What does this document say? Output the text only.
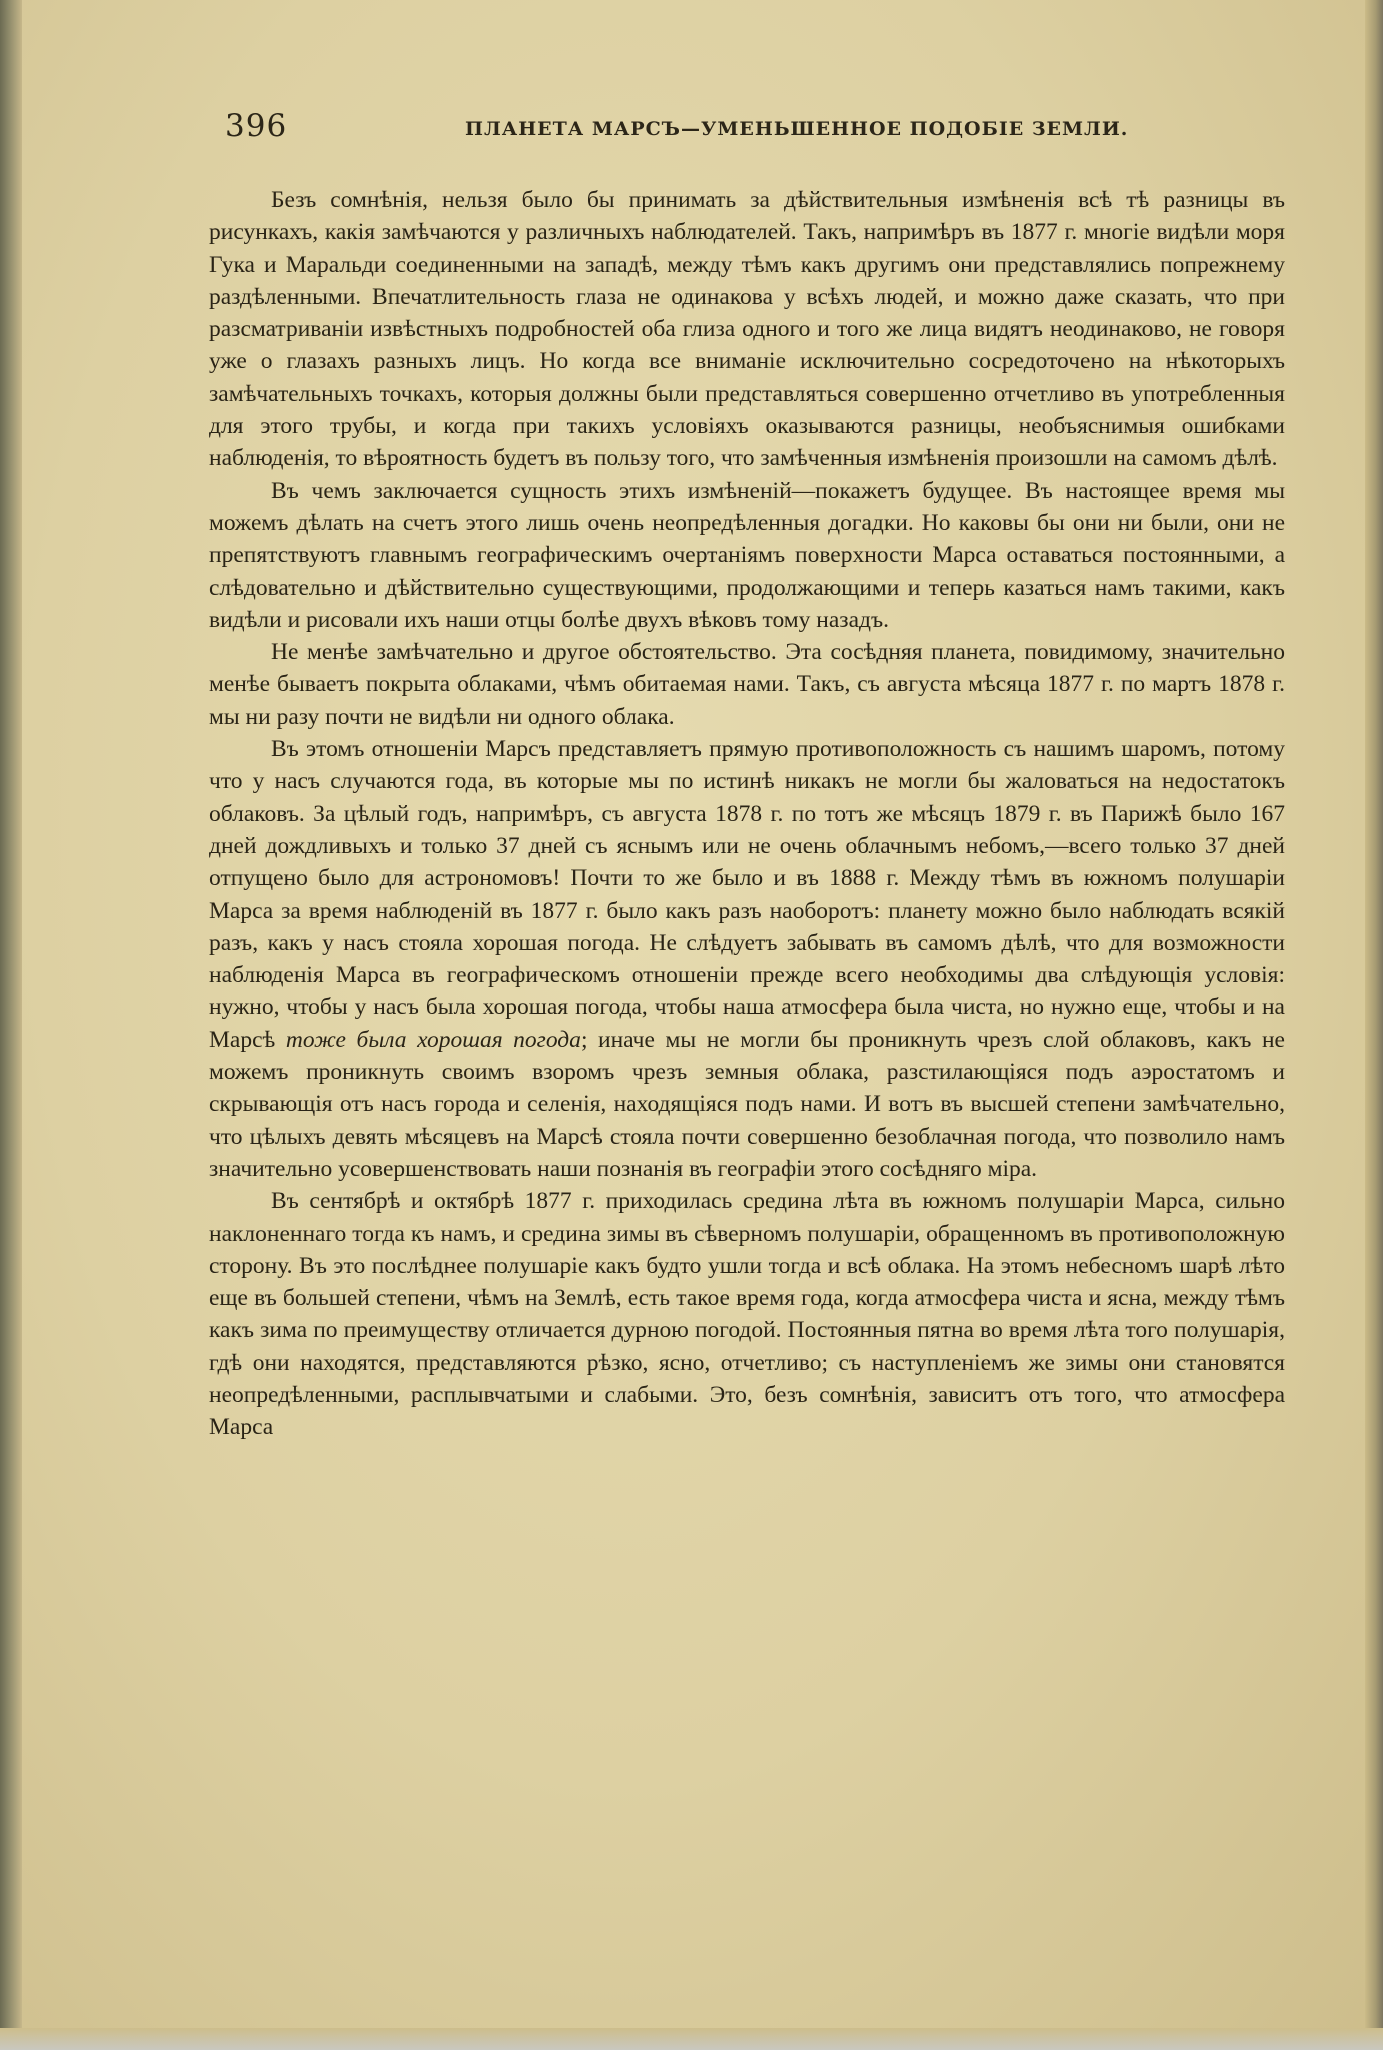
396	ПЛАНЕТА МАРСЪ—УМЕНЬШЕННОЕ ПОДОБІЕ ЗЕМЛИ.

Безъ сомнѣнія, нельзя было бы принимать за дѣйствительныя измѣненія всѣ тѣ разницы въ рисункахъ, какія замѣчаются у различныхъ наблюдателей. Такъ, напримѣръ въ 1877 г. многіе видѣли моря Гука и Маральди соединенными на западѣ, между тѣмъ какъ другимъ они представлялись попрежнему раздѣленными. Впечатлительность глаза не одинакова у всѣхъ людей, и можно даже сказать, что при разсматриваніи извѣстныхъ подробностей оба глиза одного и того же лица видятъ неодинаково, не говоря уже о глазахъ разныхъ лицъ. Но когда все вниманіе исключительно сосредоточено на нѣкоторыхъ замѣчательныхъ точкахъ, которыя должны были представляться совершенно отчетливо въ употребленныя для этого трубы, и когда при такихъ условіяхъ оказываются разницы, необъяснимыя ошибками наблюденія, то вѣроятность будетъ въ пользу того, что замѣченныя измѣненія произошли на самомъ дѣлѣ.

Въ чемъ заключается сущность этихъ измѣненій—покажетъ будущее. Въ настоящее время мы можемъ дѣлать на счетъ этого лишь очень неопредѣленныя догадки. Но каковы бы они ни были, они не препятствуютъ главнымъ географическимъ очертаніямъ поверхности Марса оставаться постоянными, а слѣдовательно и дѣйствительно существующими, продолжающими и теперь казаться намъ такими, какъ видѣли и рисовали ихъ наши отцы болѣе двухъ вѣковъ тому назадъ.

Не менѣе замѣчательно и другое обстоятельство. Эта сосѣдняя планета, повидимому, значительно менѣе бываетъ покрыта облаками, чѣмъ обитаемая нами. Такъ, съ августа мѣсяца 1877 г. по мартъ 1878 г. мы ни разу почти не видѣли ни одного облака.

Въ этомъ отношеніи Марсъ представляетъ прямую противоположность съ нашимъ шаромъ, потому что у насъ случаются года, въ которые мы по истинѣ никакъ не могли бы жаловаться на недостатокъ облаковъ. За цѣлый годъ, напримѣръ, съ августа 1878 г. по тотъ же мѣсяцъ 1879 г. въ Парижѣ было 167 дней дождливыхъ и только 37 дней съ яснымъ или не очень облачнымъ небомъ,—всего только 37 дней отпущено было для астрономовъ! Почти то же было и въ 1888 г. Между тѣмъ въ южномъ полушаріи Марса за время наблюденій въ 1877 г. было какъ разъ наоборотъ: планету можно было наблюдать всякій разъ, какъ у насъ стояла хорошая погода. Не слѣдуетъ забывать въ самомъ дѣлѣ, что для возможности наблюденія Марса въ географическомъ отношеніи прежде всего необходимы два слѣдующія условія: нужно, чтобы у насъ была хорошая погода, чтобы наша атмосфера была чиста, но нужно еще, чтобы и на Марсѣ тоже была хорошая погода; иначе мы не могли бы проникнуть чрезъ слой облаковъ, какъ не можемъ проникнуть своимъ взоромъ чрезъ земныя облака, разстилающіяся подъ аэростатомъ и скрывающія отъ насъ города и селенія, находящіяся подъ нами. И вотъ въ высшей степени замѣчательно, что цѣлыхъ девять мѣсяцевъ на Марсѣ стояла почти совершенно безоблачная погода, что позволило намъ значительно усовершенствовать наши познанія въ географіи этого сосѣдняго міра.

Въ сентябрѣ и октябрѣ 1877 г. приходилась средина лѣта въ южномъ полушаріи Марса, сильно наклоненнаго тогда къ намъ, и средина зимы въ сѣверномъ полушаріи, обращенномъ въ противоположную сторону. Въ это послѣднее полушаріе какъ будто ушли тогда и всѣ облака. На этомъ небесномъ шарѣ лѣто еще въ большей степени, чѣмъ на Землѣ, есть такое время года, когда атмосфера чиста и ясна, между тѣмъ какъ зима по преимуществу отличается дурною погодой. Постоянныя пятна во время лѣта того полушарія, гдѣ они находятся, представляются рѣзко, ясно, отчетливо; съ наступленіемъ же зимы они становятся неопредѣленными, расплывчатыми и слабыми. Это, безъ сомнѣнія, зависитъ отъ того, что атмосфера Марса
